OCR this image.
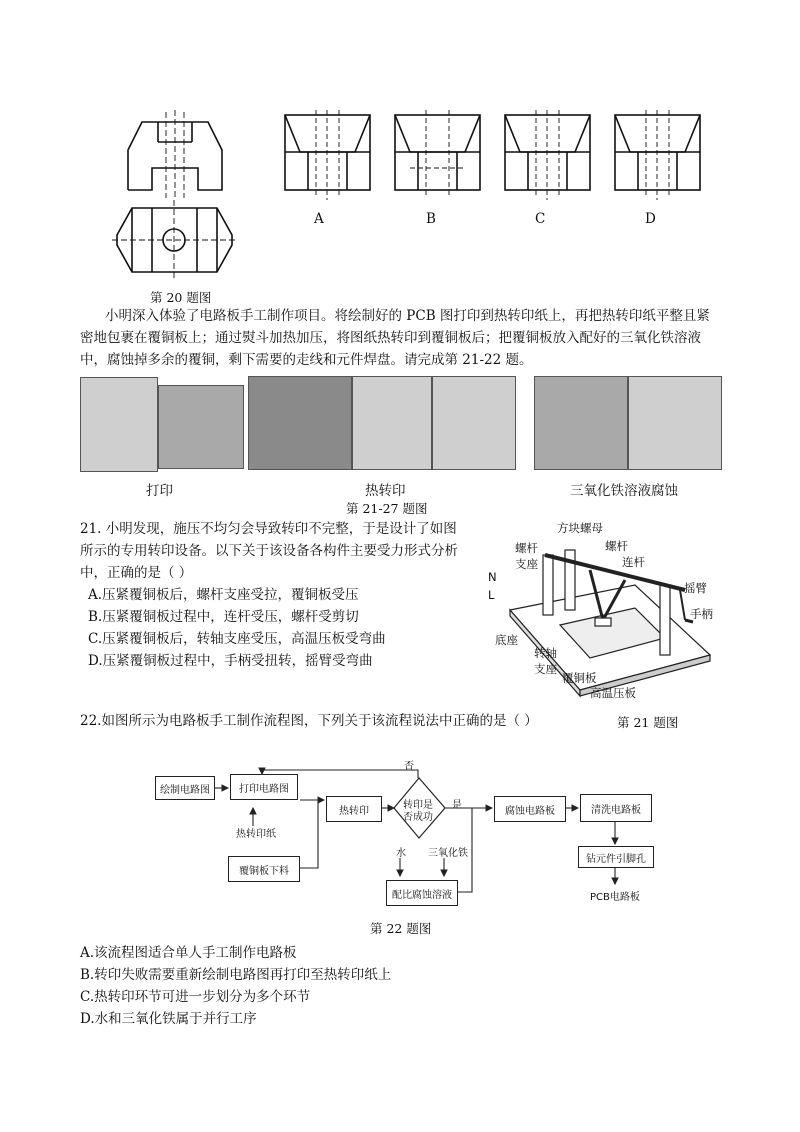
A	B	C	D
第 20 题图
小明深入体验了电路板手工制作项目。将绘制好的 PCB 图打印到热转印纸上，再把热转印纸平整且紧
密地包裹在覆铜板上；通过熨斗加热加压，将图纸热转印到覆铜板后；把覆铜板放入配好的三氧化铁溶液
中，腐蚀掉多余的覆铜，剩下需要的走线和元件焊盘。请完成第 21-22 题。
打印	热转印	三氧化铁溶液腐蚀
第 21-27 题图
21. 小明发现，施压不均匀会导致转印不完整，于是设计了如图
所示的专用转印设备。以下关于该设备各构件主要受力形式分析
中，正确的是（ ）
A.压紧覆铜板后，螺杆支座受拉，覆铜板受压
B.压紧覆铜板过程中，连杆受压，螺杆受剪切
C.压紧覆铜板后，转轴支座受压，高温压板受弯曲
D.压紧覆铜板过程中，手柄受扭转，摇臂受弯曲
方块螺母
螺杆
支座
螺杆
连杆
N
L	摇臂
手柄
底座
转轴
支座
覆铜板
高温压板
第 21 题图
22.如图所示为电路板手工制作流程图，下列关于该流程说法中正确的是（ ）
绘制电路图	打印电路图
热转印纸
覆铜板下料
热转印	转印是
否成功
否
是
水 三氧化铁
配比腐蚀溶液
腐蚀电路板	清洗电路板
钻元件引脚孔
PCB电路板
第 22 题图
A.该流程图适合单人手工制作电路板
B.转印失败需要重新绘制电路图再打印至热转印纸上
C.热转印环节可进一步划分为多个环节
D.水和三氧化铁属于并行工序
